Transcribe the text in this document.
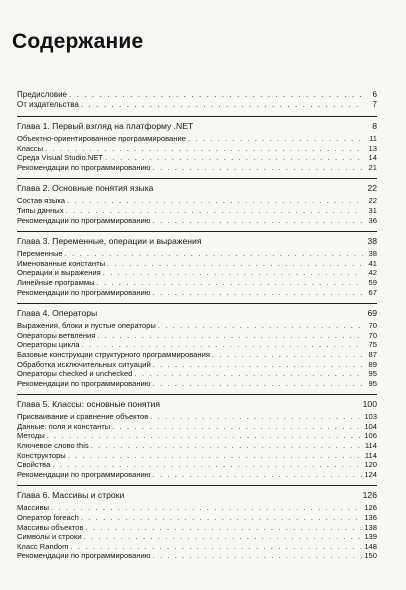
Содержание
Предисловие . . .	6
От издательства . . .	7
Глава 1. Первый взгляд на платформу .NET	8
Объектно-ориентированное программирование . . .	11
Классы . . .	13
Среда Visual Studio.NET . . .	14
Рекомендации по программированию . . .	21
Глава 2. Основные понятия языка	22
Состав языка . . .	22
Типы данных . . .	31
Рекомендации по программированию . . .	36
Глава 3. Переменные, операции и выражения	38
Переменные . . .	38
Именованные константы . . .	41
Операции и выражения . . .	42
Линейные программы . . .	59
Рекомендации по программированию . . .	67
Глава 4. Операторы	69
Выражения, блоки и пустые операторы . . .	70
Операторы ветвления . . .	70
Операторы цикла . . .	75
Базовые конструкции структурного программирования . . .	87
Обработка исключительных ситуаций . . .	89
Операторы checked и unchecked . . .	95
Рекомендации по программированию . . .	95
Глава 5. Классы: основные понятия	100
Присваивание и сравнение объектов . . .	103
Данные: поля и константы . . .	104
Методы . . .	106
Ключевое слово this . . .	114
Конструкторы . . .	114
Свойства . . .	120
Рекомендации по программированию . . .	124
Глава 6. Массивы и строки	126
Массивы . . .	126
Оператор foreach . . .	136
Массивы объектов . . .	138
Символы и строки . . .	139
Класс Random . . .	148
Рекомендации по программированию . . .	150
